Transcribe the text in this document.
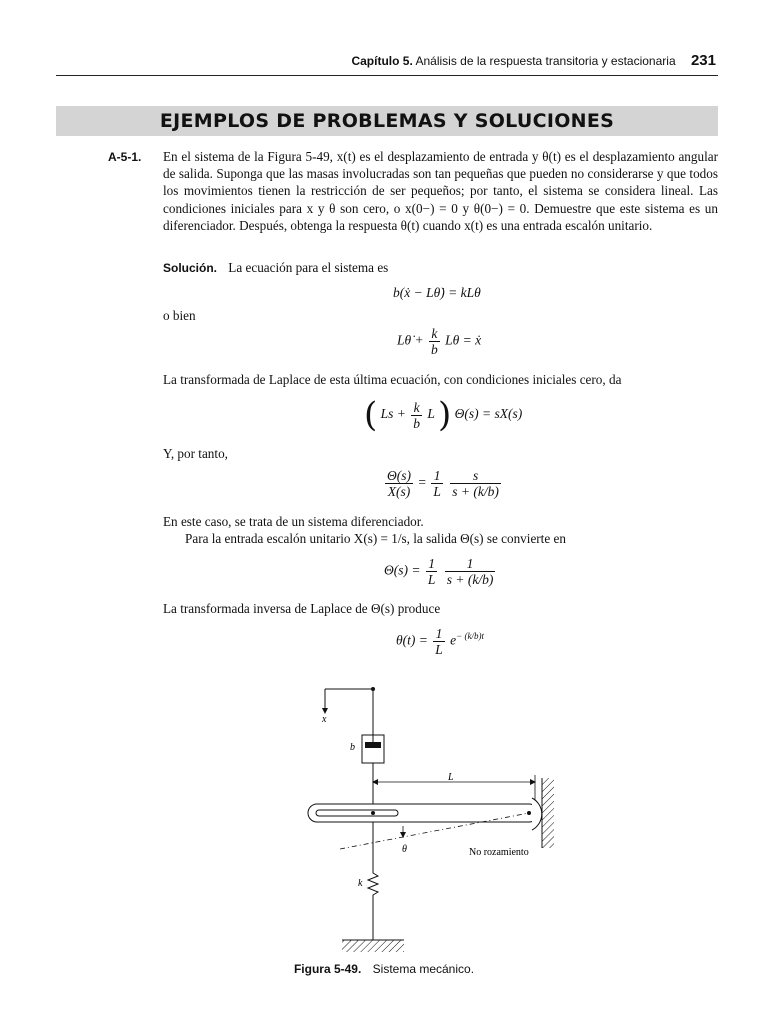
Capítulo 5. Análisis de la respuesta transitoria y estacionaria 231
EJEMPLOS DE PROBLEMAS Y SOLUCIONES
A-5-1. En el sistema de la Figura 5-49, x(t) es el desplazamiento de entrada y θ(t) es el desplazamiento angular de salida. Suponga que las masas involucradas son tan pequeñas que pueden no considerarse y que todos los movimientos tienen la restricción de ser pequeños; por tanto, el sistema se considera lineal. Las condiciones iniciales para x y θ son cero, o x(0−) = 0 y θ(0−) = 0. Demuestre que este sistema es un diferenciador. Después, obtenga la respuesta θ(t) cuando x(t) es una entrada escalón unitario.

Solución. La ecuación para el sistema es
b(ẋ − Lθ̇) = kLθ
o bien
Lθ̇ + $\frac{k}{b}$ Lθ = ẋ
La transformada de Laplace de esta última ecuación, con condiciones iniciales cero, da
( $Ls + \frac{k}{b}$ L ) Θ(s) = sX(s)
Y, por tanto,
$\frac{\Theta(s)}{X(s)} = \frac{1}{L}$
$\frac{s}{s + (k/b)}$
En este caso, se trata de un sistema diferenciador.
Para la entrada escalón unitario X(s) = 1/s, la salida Θ(s) se convierte en
$\Theta(s) = \frac{1}{L}$
$\frac{1}{s + (k/b)}$
La transformada inversa de Laplace de Θ(s) produce
$\theta(t) = \frac{1}{L} e^{- (k/b)t}$
x
b
L
θ	No rozamiento
k
Figura 5-49. Sistema mecánico.
